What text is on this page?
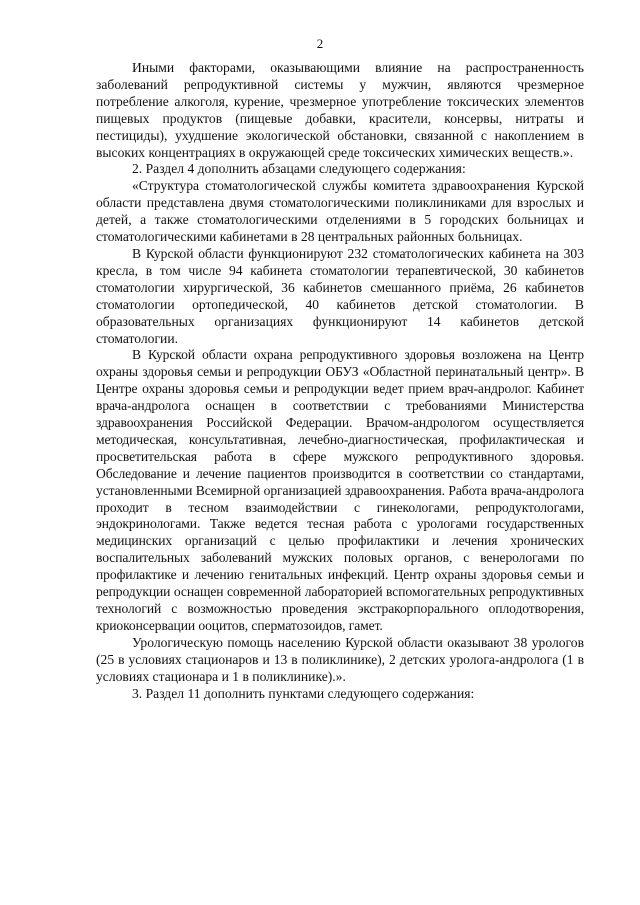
2

Иными факторами, оказывающими влияние на распространенность заболеваний репродуктивной системы у мужчин, являются чрезмерное потребление алкоголя, курение, чрезмерное употребление токсических элементов пищевых продуктов (пищевые добавки, красители, консервы, нитраты и пестициды), ухудшение экологической обстановки, связанной с накоплением в высоких концентрациях в окружающей среде токсических химических веществ.».

2. Раздел 4 дополнить абзацами следующего содержания:

«Структура стоматологической службы комитета здравоохранения Курской области представлена двумя стоматологическими поликлиниками для взрослых и детей, а также стоматологическими отделениями в 5 городских больницах и стоматологическими кабинетами в 28 центральных районных больницах.

В Курской области функционируют 232 стоматологических кабинета на 303 кресла, в том числе 94 кабинета стоматологии терапевтической, 30 кабинетов стоматологии хирургической, 36 кабинетов смешанного приёма, 26 кабинетов стоматологии ортопедической, 40 кабинетов детской стоматологии. В образовательных организациях функционируют 14 кабинетов детской стоматологии.

В Курской области охрана репродуктивного здоровья возложена на Центр охраны здоровья семьи и репродукции ОБУЗ «Областной перинатальный центр». В Центре охраны здоровья семьи и репродукции ведет прием врач-андролог. Кабинет врача-андролога оснащен в соответствии с требованиями Министерства здравоохранения Российской Федерации. Врачом-андрологом осуществляется методическая, консультативная, лечебно-диагностическая, профилактическая и просветительская работа в сфере мужского репродуктивного здоровья. Обследование и лечение пациентов производится в соответствии со стандартами, установленными Всемирной организацией здравоохранения. Работа врача-андролога проходит в тесном взаимодействии с гинекологами, репродуктологами, эндокринологами. Также ведется тесная работа с урологами государственных медицинских организаций с целью профилактики и лечения хронических воспалительных заболеваний мужских половых органов, с венерологами по профилактике и лечению генитальных инфекций. Центр охраны здоровья семьи и репродукции оснащен современной лабораторией вспомогательных репродуктивных технологий с возможностью проведения экстракорпорального оплодотворения, криоконсервации ооцитов, сперматозоидов, гамет.

Урологическую помощь населению Курской области оказывают 38 урологов (25 в условиях стационаров и 13 в поликлинике), 2 детских уролога-андролога (1 в условиях стационара и 1 в поликлинике).».

3. Раздел 11 дополнить пунктами следующего содержания:
